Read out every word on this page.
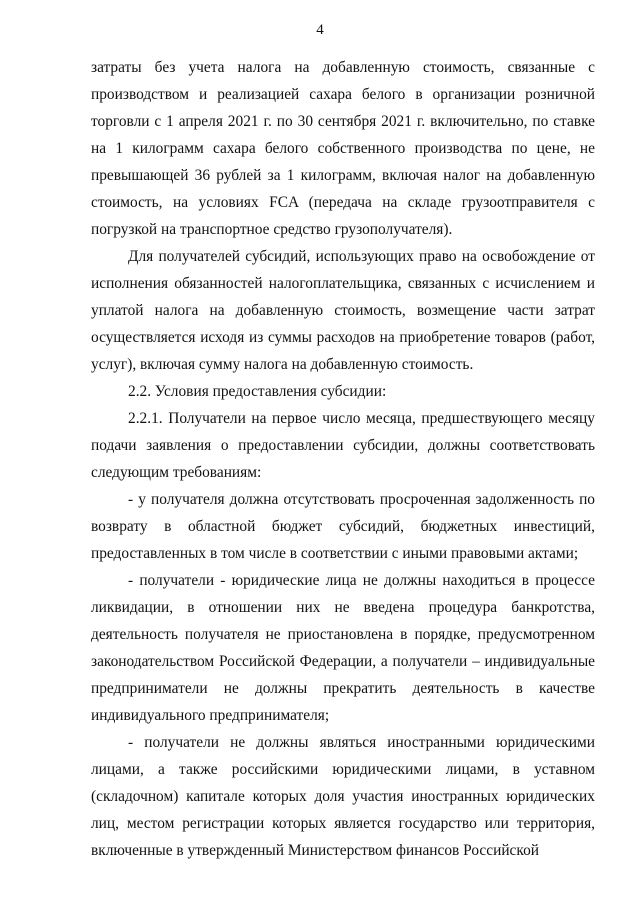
4

затраты без учета налога на добавленную стоимость, связанные с производством и реализацией сахара белого в организации розничной торговли с 1 апреля 2021 г. по 30 сентября 2021 г. включительно, по ставке на 1 килограмм сахара белого собственного производства по цене, не превышающей 36 рублей за 1 килограмм, включая налог на добавленную стоимость, на условиях FCA (передача на складе грузоотправителя с погрузкой на транспортное средство грузополучателя).

Для получателей субсидий, использующих право на освобождение от исполнения обязанностей налогоплательщика, связанных с исчислением и уплатой налога на добавленную стоимость, возмещение части затрат осуществляется исходя из суммы расходов на приобретение товаров (работ, услуг), включая сумму налога на добавленную стоимость.

2.2. Условия предоставления субсидии:

2.2.1. Получатели на первое число месяца, предшествующего месяцу подачи заявления о предоставлении субсидии, должны соответствовать следующим требованиям:

- у получателя должна отсутствовать просроченная задолженность по возврату в областной бюджет субсидий, бюджетных инвестиций, предоставленных в том числе в соответствии с иными правовыми актами;

- получатели - юридические лица не должны находиться в процессе ликвидации, в отношении них не введена процедура банкротства, деятельность получателя не приостановлена в порядке, предусмотренном законодательством Российской Федерации, а получатели – индивидуальные предприниматели не должны прекратить деятельность в качестве индивидуального предпринимателя;

- получатели не должны являться иностранными юридическими лицами, а также российскими юридическими лицами, в уставном (складочном) капитале которых доля участия иностранных юридических лиц, местом регистрации которых является государство или территория, включенные в утвержденный Министерством финансов Российской
